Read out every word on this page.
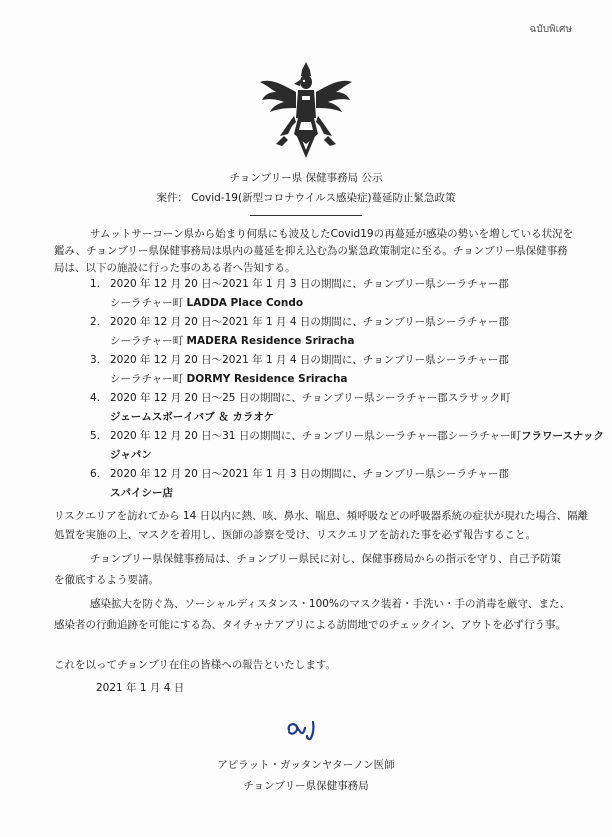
ฉบับพิเศษ
チョンブリー県 保健事務局 公示
案件： Covid-19(新型コロナウイルス感染症)蔓延防止緊急政策
サムットサーコーン県から始まり何県にも波及したCovid19の再蔓延が感染の勢いを増している状況を
鑑み、チョンブリー県保健事務局は県内の蔓延を抑え込む為の緊急政策制定に至る。チョンブリー県保健事務
局は、以下の施設に行った事のある者へ告知する。
1. 2020 年 12 月 20 日～2021 年 1 月 3 日の期間に、チョンブリー県シーラチャー郡
シーラチャー町 LADDA Place Condo
2. 2020 年 12 月 20 日～2021 年 1 月 4 日の期間に、チョンブリー県シーラチャー郡
シーラチャー町 MADERA Residence Sriracha
3. 2020 年 12 月 20 日～2021 年 1 月 4 日の期間に、チョンブリー県シーラチャー郡
シーラチャー町 DORMY Residence Sriracha
4. 2020 年 12 月 20 日～25 日の期間に、チョンブリー県シーラチャー郡スラサック町
ジェームスボーイバブ ＆ カラオケ
5. 2020 年 12 月 20 日～31 日の期間に、チョンブリー県シーラチャー郡シーラチャー町フラワースナック
ジャパン
6. 2020 年 12 月 20 日～2021 年 1 月 3 日の期間に、チョンブリー県シーラチャー郡
スパイシー店
リスクエリアを訪れてから 14 日以内に熱、咳、鼻水、喘息、頻呼吸などの呼吸器系統の症状が現れた場合、隔離
処置を実施の上、マスクを着用し、医師の診察を受け、リスクエリアを訪れた事を必ず報告すること。
チョンブリー県保健事務局は、チョンブリー県民に対し、保健事務局からの指示を守り、自己予防策
を徹底するよう要請。
感染拡大を防ぐ為、ソーシャルディスタンス・100%のマスク装着・手洗い・手の消毒を厳守、また、
感染者の行動追跡を可能にする為、タイチャナアプリによる訪問地でのチェックイン、アウトを必ず行う事。
これを以ってチョンブリ在住の皆様への報告といたします。
2021 年 1 月 4 日
アピラット・ガッタンヤターノン医師
チョンブリー県保健事務局
